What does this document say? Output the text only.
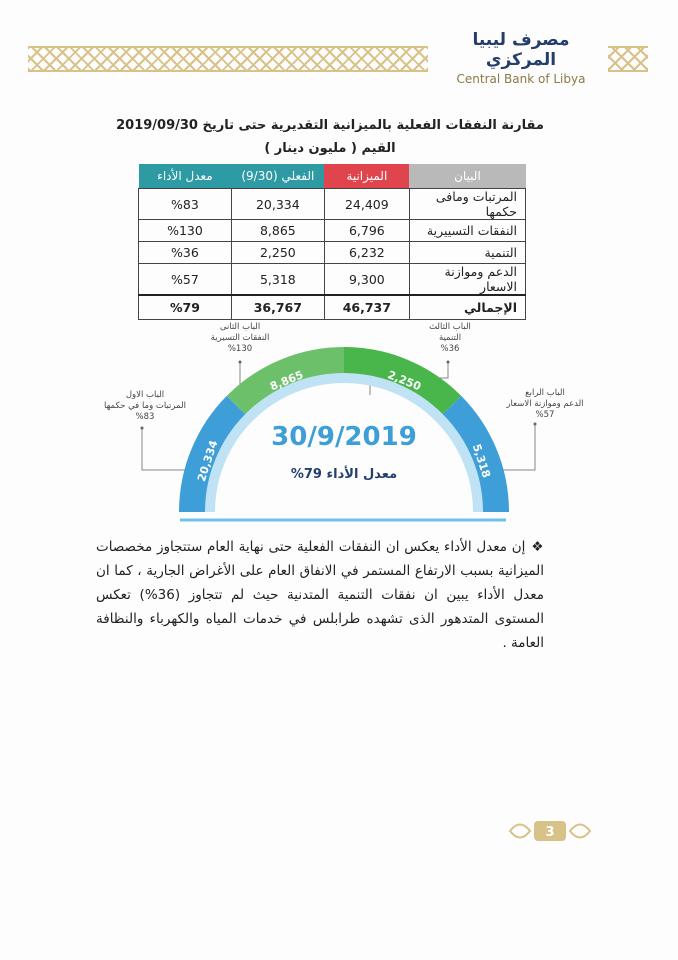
مصرف ليبيا المركزي
Central Bank of Libya
مقارنة النفقات الفعلية بالميزانية التقديرية حتى تاريخ 2019/09/30
القيم ( مليون دينار )
البيان	الميزانية	الفعلي (9/30)	معدل الأداء
المرتبات ومافى حكمها	24,409	20,334	%83
النفقات التسييرية	6,796	8,865	%130
التنمية	6,232	2,250	%36
الدعم وموازنة الاسعار	9,300	5,318	%57
الإجمالي	46,737	36,767	%79
20,334
8,865	2,250
5,318
30/9/2019
معدل الأداء 79%
الباب الاول
المرتبات وما في حكمها
%83
الباب الثانى
النفقات التسيرية
%130
الباب الثالث
التنمية
%36
الباب الرابع
الدعم وموازنة الاسعار
%57
❖إن معدل الأداء يعكس ان النفقات الفعلية حتى نهاية العام ستتجاوز مخصصات الميزانية بسبب الارتفاع المستمر في الانفاق العام على الأغراض الجارية ، كما ان معدل الأداء يبين ان نفقات التنمية المتدنية حيث لم تتجاوز (36%) تعكس المستوى المتدهور الذى تشهده طرابلس في خدمات المياه والكهرباء والنظافة العامة .
3
